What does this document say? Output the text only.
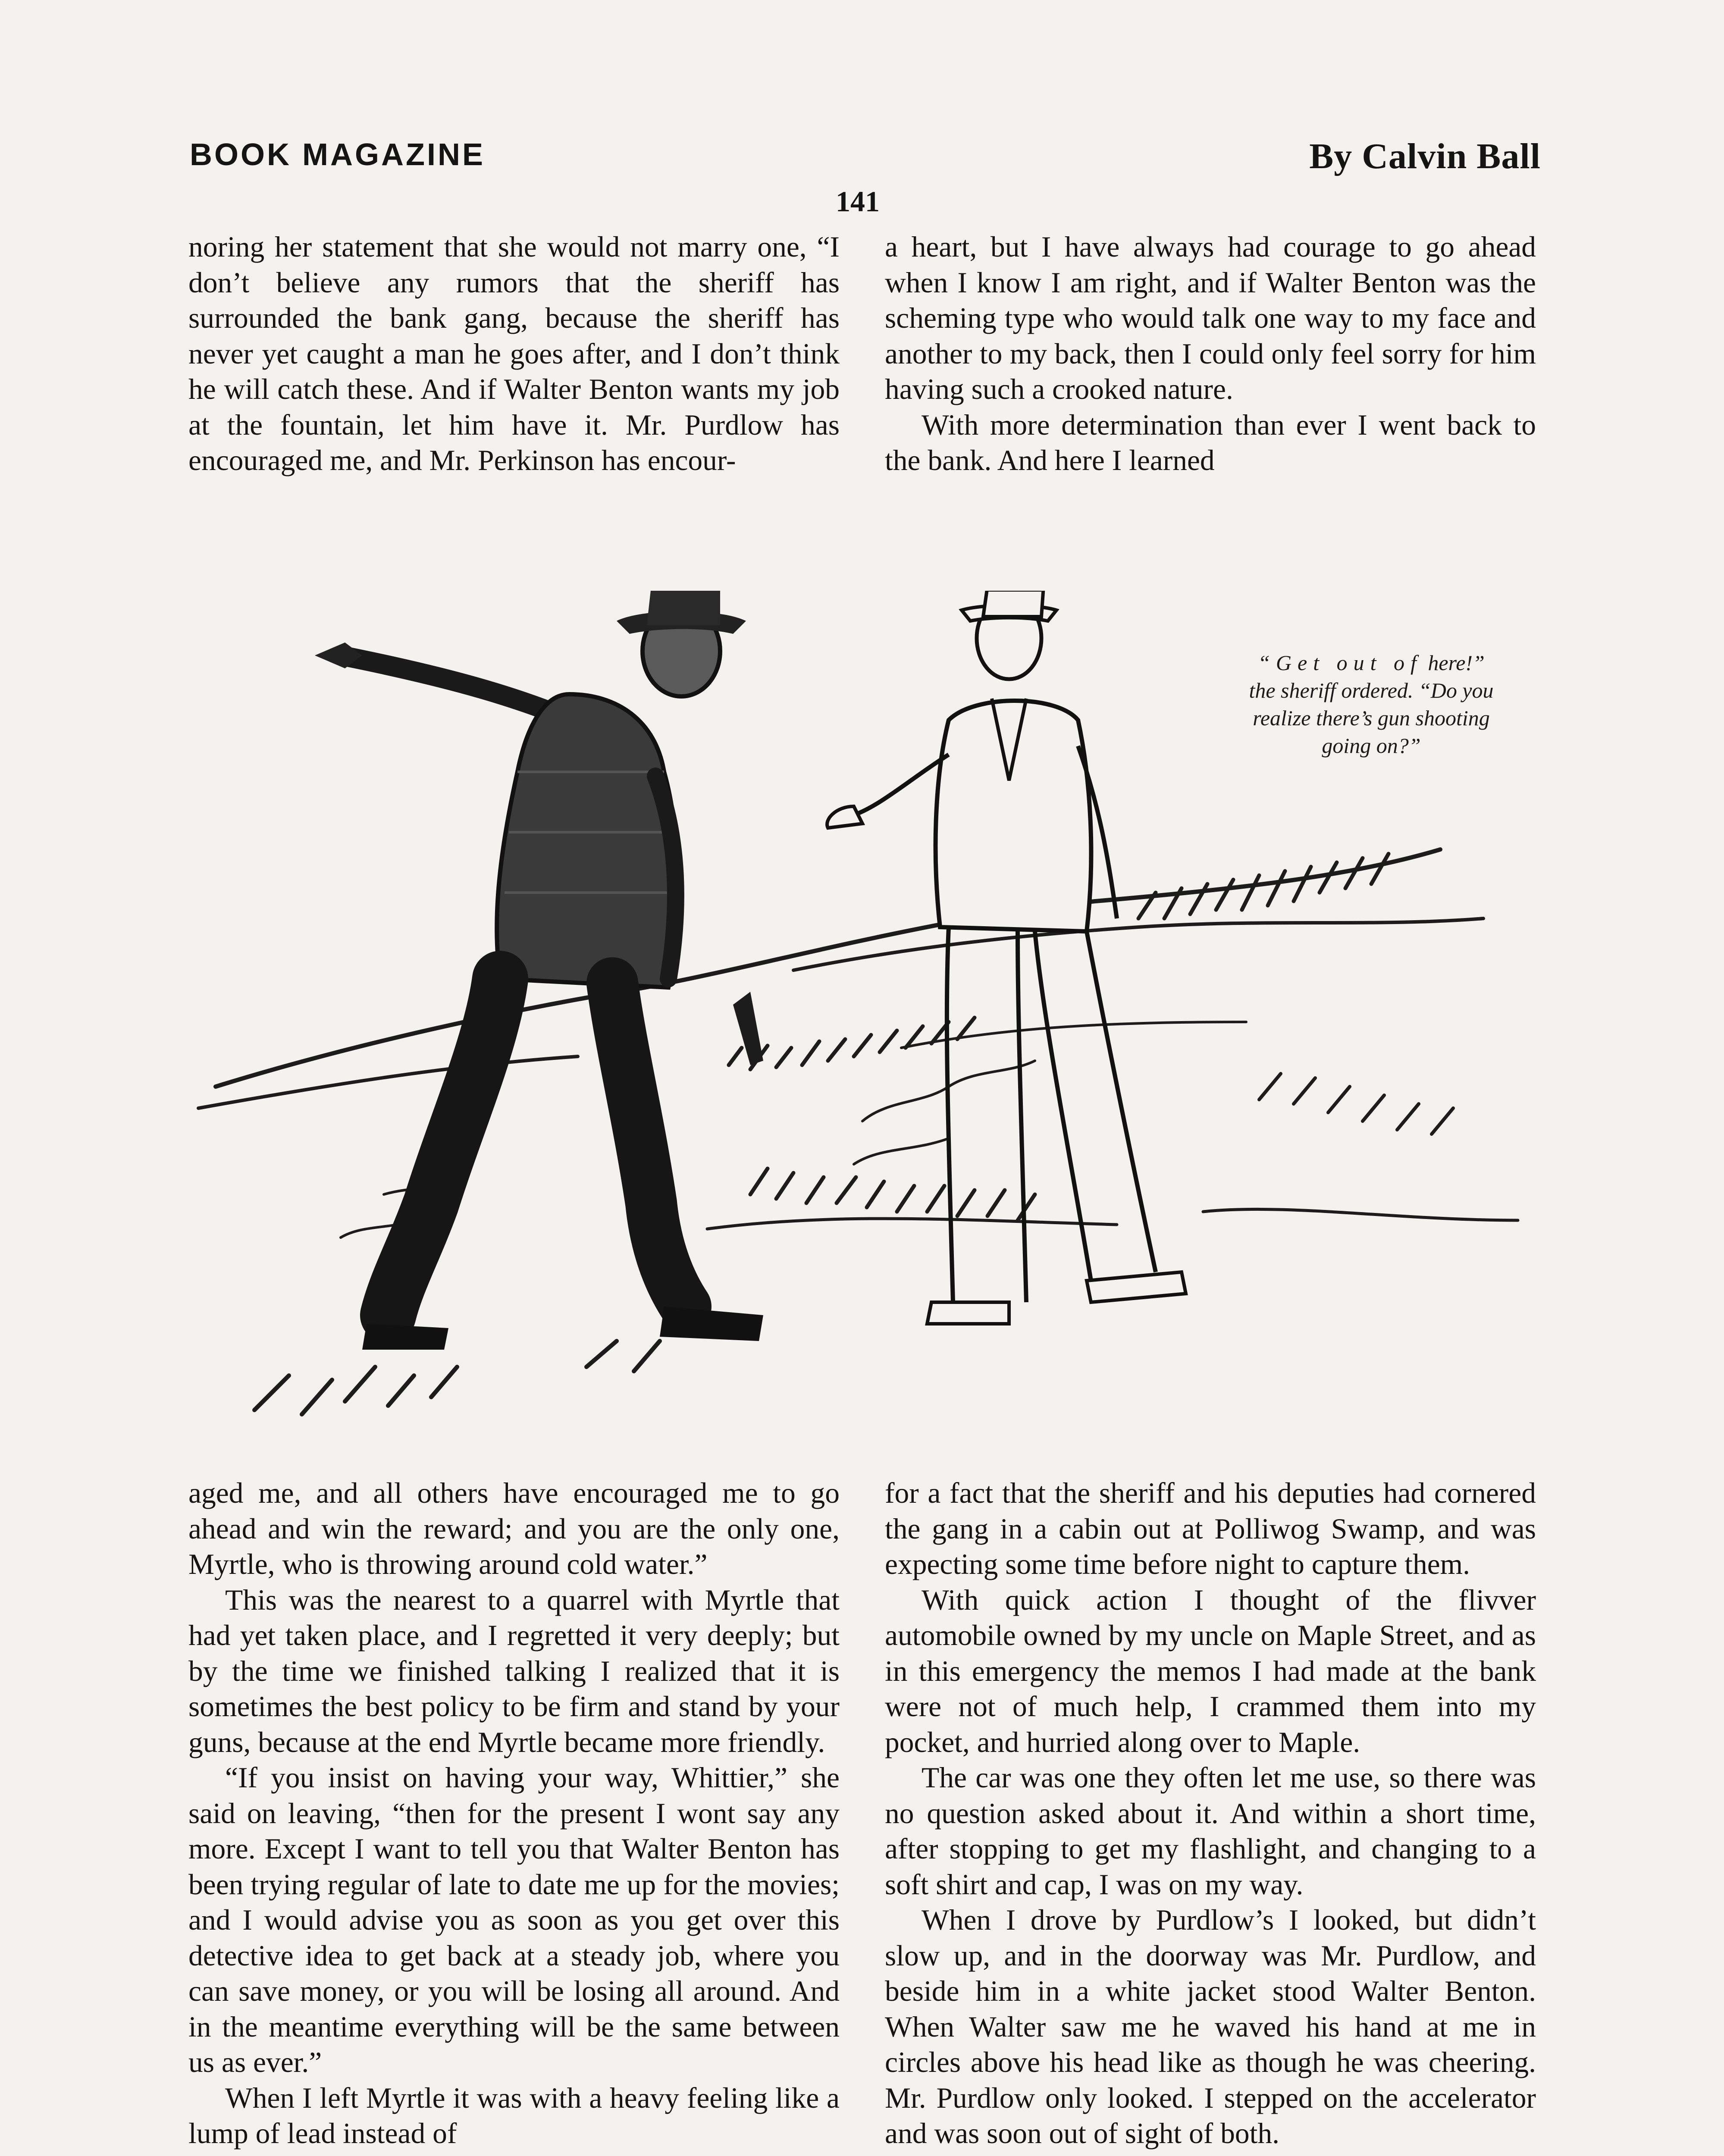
BOOK MAGAZINE	By Calvin Ball
141

noring her statement that she would not marry one, “I don’t believe any rumors that the sheriff has surrounded the bank gang, because the sheriff has never yet caught a man he goes after, and I don’t think he will catch these. And if Walter Benton wants my job at the fountain, let him have it. Mr. Purdlow has encouraged me, and Mr. Perkinson has encour-

a heart, but I have always had courage to go ahead when I know I am right, and if Walter Benton was the scheming type who would talk one way to my face and another to my back, then I could only feel sorry for him having such a crooked nature.

With more determination than ever I went back to the bank. And here I learned

“Get out of here!” the sheriff ordered. “Do you realize there’s gun shooting going on?”

aged me, and all others have encouraged me to go ahead and win the reward; and you are the only one, Myrtle, who is throwing around cold water.”

This was the nearest to a quarrel with Myrtle that had yet taken place, and I regretted it very deeply; but by the time we finished talking I realized that it is sometimes the best policy to be firm and stand by your guns, because at the end Myrtle became more friendly.

“If you insist on having your way, Whittier,” she said on leaving, “then for the present I wont say any more. Except I want to tell you that Walter Benton has been trying regular of late to date me up for the movies; and I would advise you as soon as you get over this detective idea to get back at a steady job, where you can save money, or you will be losing all around. And in the meantime everything will be the same between us as ever.”

When I left Myrtle it was with a heavy feeling like a lump of lead instead of

for a fact that the sheriff and his deputies had cornered the gang in a cabin out at Polliwog Swamp, and was expecting some time before night to capture them.

With quick action I thought of the flivver automobile owned by my uncle on Maple Street, and as in this emergency the memos I had made at the bank were not of much help, I crammed them into my pocket, and hurried along over to Maple.

The car was one they often let me use, so there was no question asked about it. And within a short time, after stopping to get my flashlight, and changing to a soft shirt and cap, I was on my way.

When I drove by Purdlow’s I looked, but didn’t slow up, and in the doorway was Mr. Purdlow, and beside him in a white jacket stood Walter Benton. When Walter saw me he waved his hand at me in circles above his head like as though he was cheering. Mr. Purdlow only looked. I stepped on the accelerator and was soon out of sight of both.
